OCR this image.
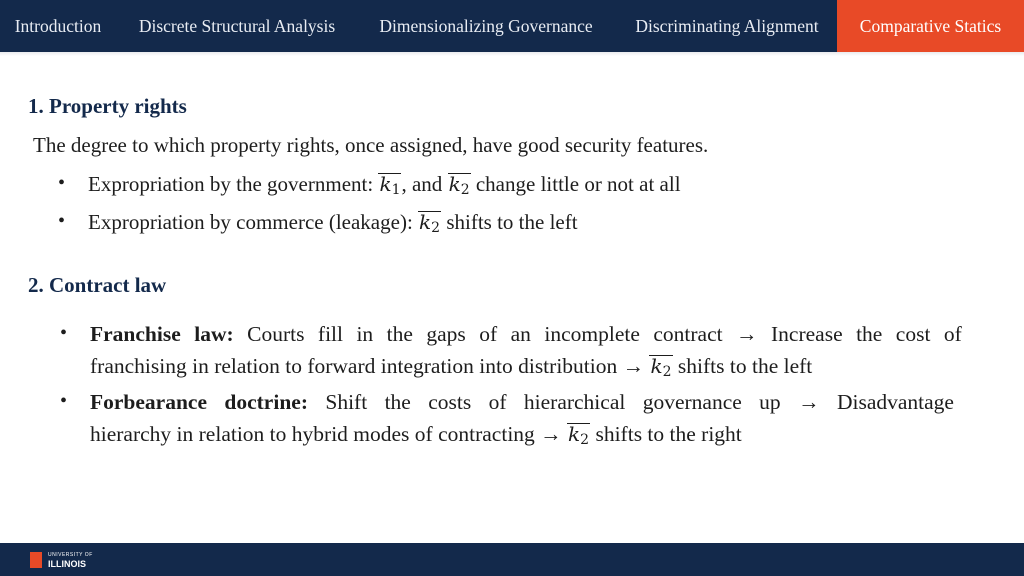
Introduction	Discrete Structural Analysis	Dimensionalizing Governance	Discriminating Alignment	Comparative Statics
1. Property rights
The degree to which property rights, once assigned, have good security features.
• Expropriation by the government:
$k_1$, and
$k_2$ change little or not at all
• Expropriation by commerce (leakage):
$k_2$ shifts to the left
2. Contract law
• Franchise law: Courts fill in the gaps of an incomplete contract → Increase the cost of
franchising in relation to forward integration into distribution →
$k_2$ shifts to the left
• Forbearance doctrine: Shift the costs of hierarchical governance up → Disadvantage
hierarchy in relation to hybrid modes of contracting →
$k_2$ shifts to the right
UNIVERSITY OF
ILLINOIS
